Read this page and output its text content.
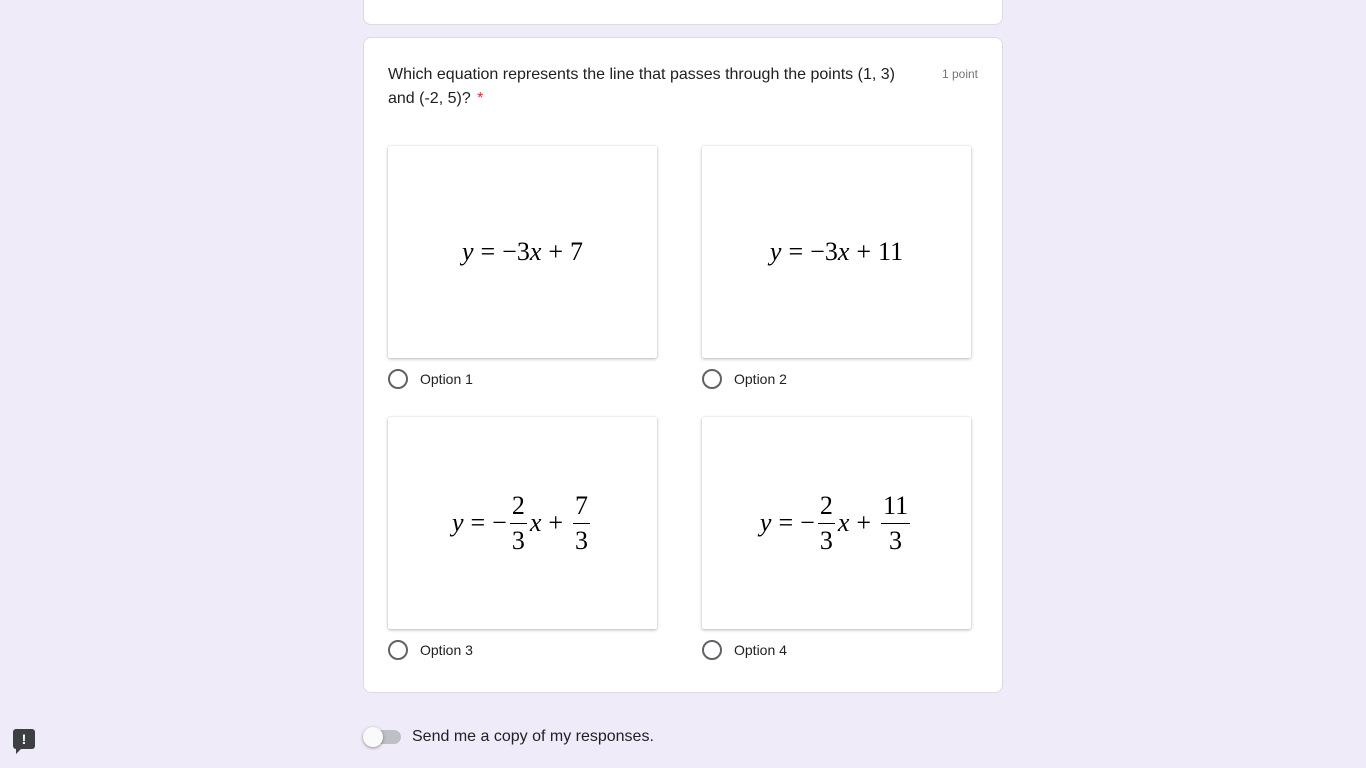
Which equation represents the line that passes through the points (1, 3) and (-2, 5)? *
1 point
y = − 3 x + 7
Option 1
y = − 3 x + 11
Option 2
y = − $\frac{2}{3}$ $x + \frac{7}{3}$
Option 3
y = − $\frac{2}{3}$ $x + \frac{11}{3}$
Option 4
Send me a copy of my responses.
!
